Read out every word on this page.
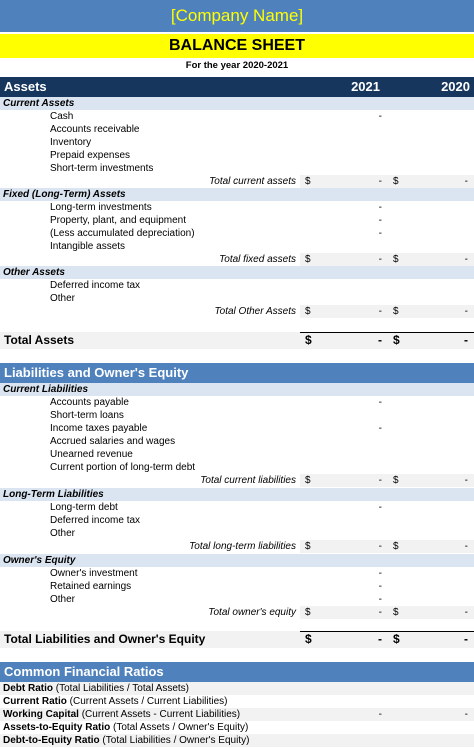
[Company Name]
BALANCE SHEET
For the year 2020-2021
Assets	2021	2020
Current Assets
Cash	-
Accounts receivable
Inventory
Prepaid expenses
Short-term investments
Total current assets $	- $	-
Fixed (Long-Term) Assets
Long-term investments	-
Property, plant, and equipment	-
(Less accumulated depreciation)	-
Intangible assets
Total fixed assets $	- $	-
Other Assets
Deferred income tax
Other
Total Other Assets $	- $	-
Total Assets	$	- $	-
Liabilities and Owner's Equity
Current Liabilities
Accounts payable	-
Short-term loans
Income taxes payable	-
Accrued salaries and wages
Unearned revenue
Current portion of long-term debt
Total current liabilities $	- $	-
Long-Term Liabilities
Long-term debt	-
Deferred income tax
Other
Total long-term liabilities $	- $	-
Owner's Equity
Owner's investment	-
Retained earnings	-
Other	-
Total owner's equity $	- $	-
Total Liabilities and Owner's Equity	$	- $	-
Common Financial Ratios
Debt Ratio (Total Liabilities / Total Assets)
Current Ratio (Current Assets / Current Liabilities)
Working Capital (Current Assets - Current Liabilities)	-	-
Assets-to-Equity Ratio (Total Assets / Owner's Equity)
Debt-to-Equity Ratio (Total Liabilities / Owner's Equity)
